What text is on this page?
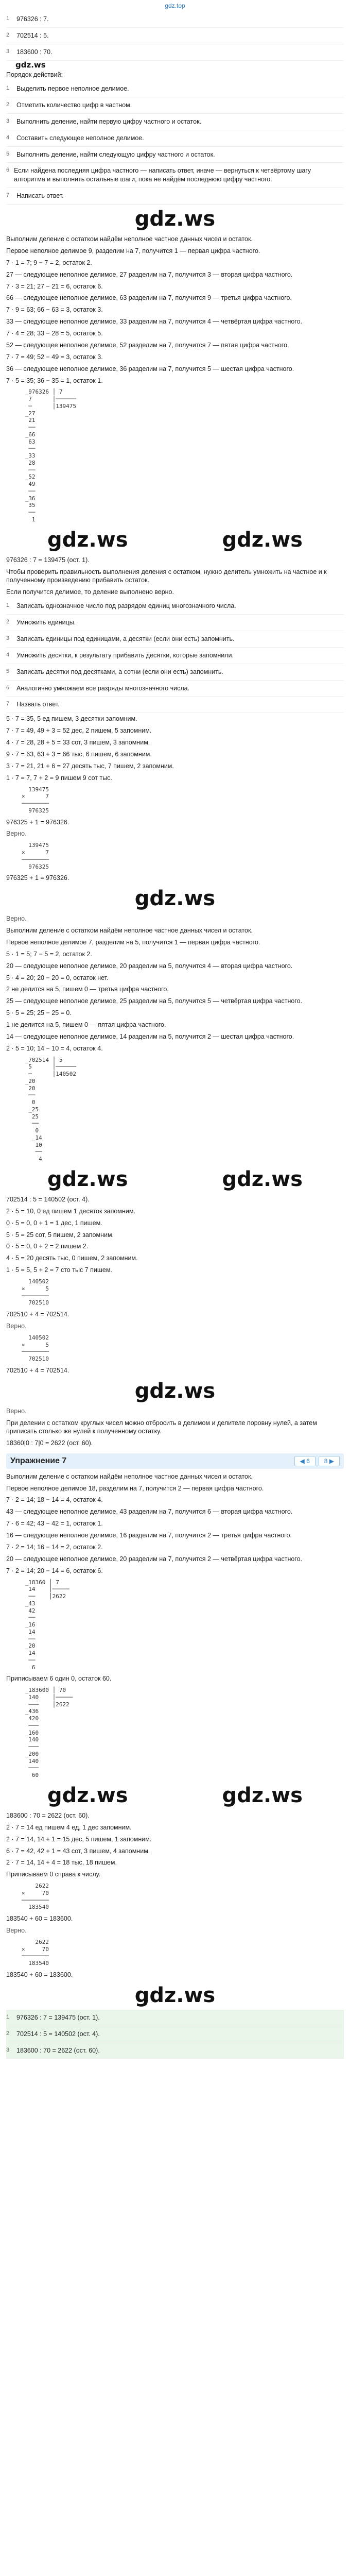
gdz.top
1	976326 : 7.
2	702514 : 5.
3	183600 : 70.
gdz.ws
Порядок действий:
1	Выделить первое неполное делимое.
2	Отметить количество цифр в частном.
3	Выполнить деление, найти первую цифру частного и остаток.
4	Составить следующее неполное делимое.
5	Выполнить деление, найти следующую цифру частного и остаток.
6 Если найдена последняя цифра частного — написать ответ, иначе — вернуться к четвёртому шагу алгоритма и выполнить остальные шаги, пока не найдём последнюю цифру частного.
7	Написать ответ.
gdz.ws
Выполним деление с остатком найдём неполное частное данных чисел и остаток.
Первое неполное делимое 9, разделим на 7, получится 1 — первая цифра частного.
7 · 1 = 7; 9 − 7 = 2, остаток 2.
27 — следующее неполное делимое, 27 разделим на 7, получится 3 — вторая цифра частного.
7 · 3 = 21; 27 − 21 = 6, остаток 6.
66 — следующее неполное делимое, 63 разделим на 7, получится 9 — третья цифра частного.
7 · 9 = 63; 66 − 63 = 3, остаток 3.
33 — следующее неполное делимое, 33 разделим на 7, получится 4 — четвёртая цифра частного.
7 · 4 = 28; 33 − 28 = 5, остаток 5.
52 — следующее неполное делимое, 52 разделим на 7, получится 7 — пятая цифра частного.
7 · 7 = 49; 52 − 49 = 3, остаток 3.
36 — следующее неполное делимое, 36 разделим на 7, получится 5 — шестая цифра частного.
7 · 5 = 35; 36 − 35 = 1, остаток 1.
_976326 │ 7
7      │──────
─      │139475
_27
21
──
_66
63
──
_33
28
──
_52
49
──
_36
35
──
1
gdz.ws	gdz.ws
976326 : 7 = 139475 (ост. 1).
Чтобы проверить правильность выполнения деления с остатком, нужно делитель умножить на частное и к полученному произведению прибавить остаток.
Если получится делимое, то деление выполнено верно.
1	Записать однозначное число под разрядом единиц многозначного числа.
2	Умножить единицы.
3	Записать единицы под единицами, а десятки (если они есть) запомнить.
4	Умножить десятки, к результату прибавить десятки, которые запомнили.
5	Записать десятки под десятками, а сотни (если они есть) запомнить.
6	Аналогично умножаем все разряды многозначного числа.
7	Назвать ответ.
5 · 7 = 35, 5 ед пишем, 3 десятки запомним.
7 · 7 = 49, 49 + 3 = 52 дес, 2 пишем, 5 запомним.
4 · 7 = 28, 28 + 5 = 33 сот, 3 пишем, 3 запомним.
9 · 7 = 63, 63 + 3 = 66 тыс, 6 пишем, 6 запомним.
3 · 7 = 21, 21 + 6 = 27 десять тыс, 7 пишем, 2 запомним.
1 · 7 = 7, 7 + 2 = 9 пишем 9 сот тыс.
139475
×      7
────────
976325
976325 + 1 = 976326.
Верно.
139475
×      7
────────
976325
976325 + 1 = 976326.
gdz.ws
Верно.
Выполним деление с остатком найдём неполное частное данных чисел и остаток.
Первое неполное делимое 7, разделим на 5, получится 1 — первая цифра частного.
5 · 1 = 5; 7 − 5 = 2, остаток 2.
20 — следующее неполное делимое, 20 разделим на 5, получится 4 — вторая цифра частного.
5 · 4 = 20; 20 − 20 = 0, остаток нет.
2 не делится на 5, пишем 0 — третья цифра частного.
25 — следующее неполное делимое, 25 разделим на 5, получится 5 — четвёртая цифра частного.
5 · 5 = 25; 25 − 25 = 0.
1 не делится на 5, пишем 0 — пятая цифра частного.
14 — следующее неполное делимое, 14 разделим на 5, получится 2 — шестая цифра частного.
2 · 5 = 10; 14 − 10 = 4, остаток 4.
_702514 │ 5
5      │──────
─      │140502
_20
20
──
0
_25
25
──
0
_14
10
──
4
gdz.ws	gdz.ws
702514 : 5 = 140502 (ост. 4).
2 · 5 = 10, 0 ед пишем 1 десяток запомним.
0 · 5 = 0, 0 + 1 = 1 дес, 1 пишем.
5 · 5 = 25 сот, 5 пишем, 2 запомним.
0 · 5 = 0, 0 + 2 = 2 пишем 2.
4 · 5 = 20 десять тыс, 0 пишем, 2 запомним.
1 · 5 = 5, 5 + 2 = 7 сто тыс 7 пишем.
140502
×      5
────────
702510
702510 + 4 = 702514.
Верно.
140502
×      5
────────
702510
702510 + 4 = 702514.
gdz.ws
Верно.
При делении с остатком круглых чисел можно отбросить в делимом и делителе поровну нулей, а затем приписать столько же нулей к полученному остатку.
18360|0 : 7|0 = 2622 (ост. 60).
Упражнение 7	◀ 6	8 ▶
Выполним деление с остатком найдём неполное частное данных чисел и остаток.
Первое неполное делимое 18, разделим на 7, получится 2 — первая цифра частного.
7 · 2 = 14; 18 − 14 = 4, остаток 4.
43 — следующее неполное делимое, 43 разделим на 7, получится 6 — вторая цифра частного.
7 · 6 = 42; 43 − 42 = 1, остаток 1.
16 — следующее неполное делимое, 16 разделим на 7, получится 2 — третья цифра частного.
7 · 2 = 14; 16 − 14 = 2, остаток 2.
20 — следующее неполное делимое, 20 разделим на 7, получится 2 — четвёртая цифра частного.
7 · 2 = 14; 20 − 14 = 6, остаток 6.
_18360 │ 7
14    │─────
──    │2622
_43
42
──
_16
14
──
_20
14
──
6
Приписываем 6 один 0, остаток 60.
_183600 │ 70
140    │─────
───    │2622
_436
420
───
_160
140
───
_200
140
───
60
gdz.ws	gdz.ws
183600 : 70 = 2622 (ост. 60).
2 · 7 = 14 ед пишем 4 ед, 1 дес запомним.
2 · 7 = 14, 14 + 1 = 15 дес, 5 пишем, 1 запомним.
6 · 7 = 42, 42 + 1 = 43 сот, 3 пишем, 4 запомним.
2 · 7 = 14, 14 + 4 = 18 тыс, 18 пишем.
Приписываем 0 справа к числу.
2622
×     70
────────
183540
183540 + 60 = 183600.
Верно.
2622
×     70
────────
183540
183540 + 60 = 183600.
gdz.ws
1	976326 : 7 = 139475 (ост. 1).
2	702514 : 5 = 140502 (ост. 4).
3	183600 : 70 = 2622 (ост. 60).
